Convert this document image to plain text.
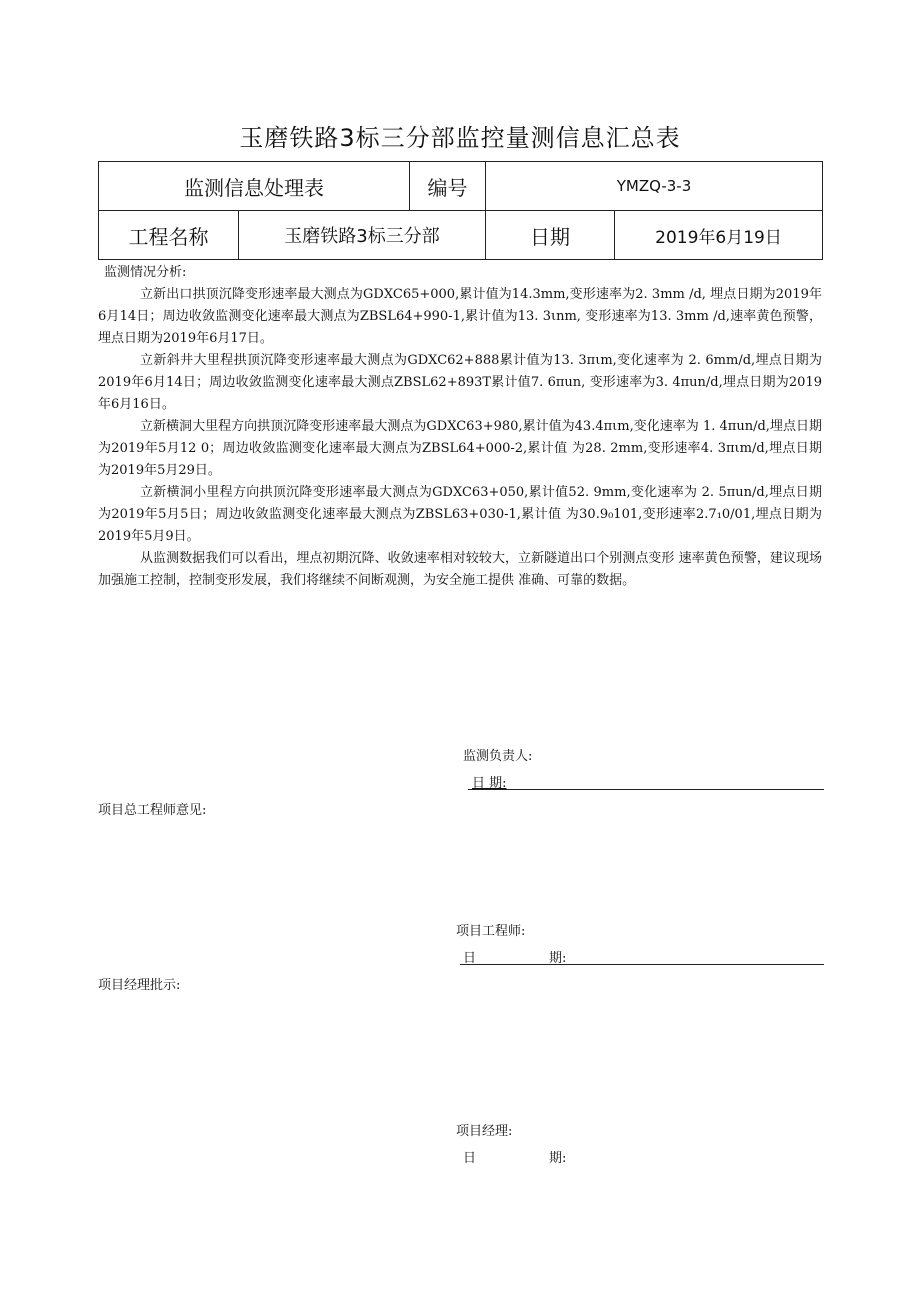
玉磨铁路3标三分部监控量测信息汇总表
监测信息处理表		编号	YMZQ-3-3	
工程名称	玉磨铁路3标三分部		日期	2019年6月19日
监测情况分析:

立新出口拱顶沉降变形速率最大测点为GDXC65+000,累计值为14.3mm,变形速率为2. 3mm /d, 埋点日期为2019年6月14日；周边收敛监测变化速率最大测点为ZBSL64+990-1,累计值为13. 3ιnm, 变形速率为13. 3mm /d,速率黄色预警，埋点日期为2019年6月17日。

立新斜井大里程拱顶沉降变形速率最大测点为GDXC62+888累计值为13. 3πιm,变化速率为 2. 6mm/d,埋点日期为2019年6月14日；周边收敛监测变化速率最大测点ZBSL62+893T累计值7. 6πun, 变形速率为3. 4πun/d,埋点日期为2019年6月16日。

立新横洞大里程方向拱顶沉降变形速率最大测点为GDXC63+980,累计值为43.4πιm,变化速率为 1. 4πun/d,埋点日期为2019年5月12 0；周边收敛监测变化速率最大测点为ZBSL64+000-2,累计值 为28. 2mm,变形速率4. 3πιm/d,埋点日期为2019年5月29日。

立新横洞小里程方向拱顶沉降变形速率最大测点为GDXC63+050,累计值52. 9mm,变化速率为 2. 5πun/d,埋点日期为2019年5月5日；周边收敛监测变化速率最大测点为ZBSL63+030-1,累计值 为30.9₀101,变形速率2.7₁0/01,埋点日期为2019年5月9日。

从监测数据我们可以看出，埋点初期沉降、收敛速率相对较较大，立新隧道出口个别测点变形 速率黄色预警，建议现场加强施工控制，控制变形发展，我们将继续不间断观测，为安全施工提供 准确、可靠的数据。

监测负责人:
日 期:
项目总工程师意见:
项目工程师:
日	期:
项目经理批示:
项目经理:
日	期:
